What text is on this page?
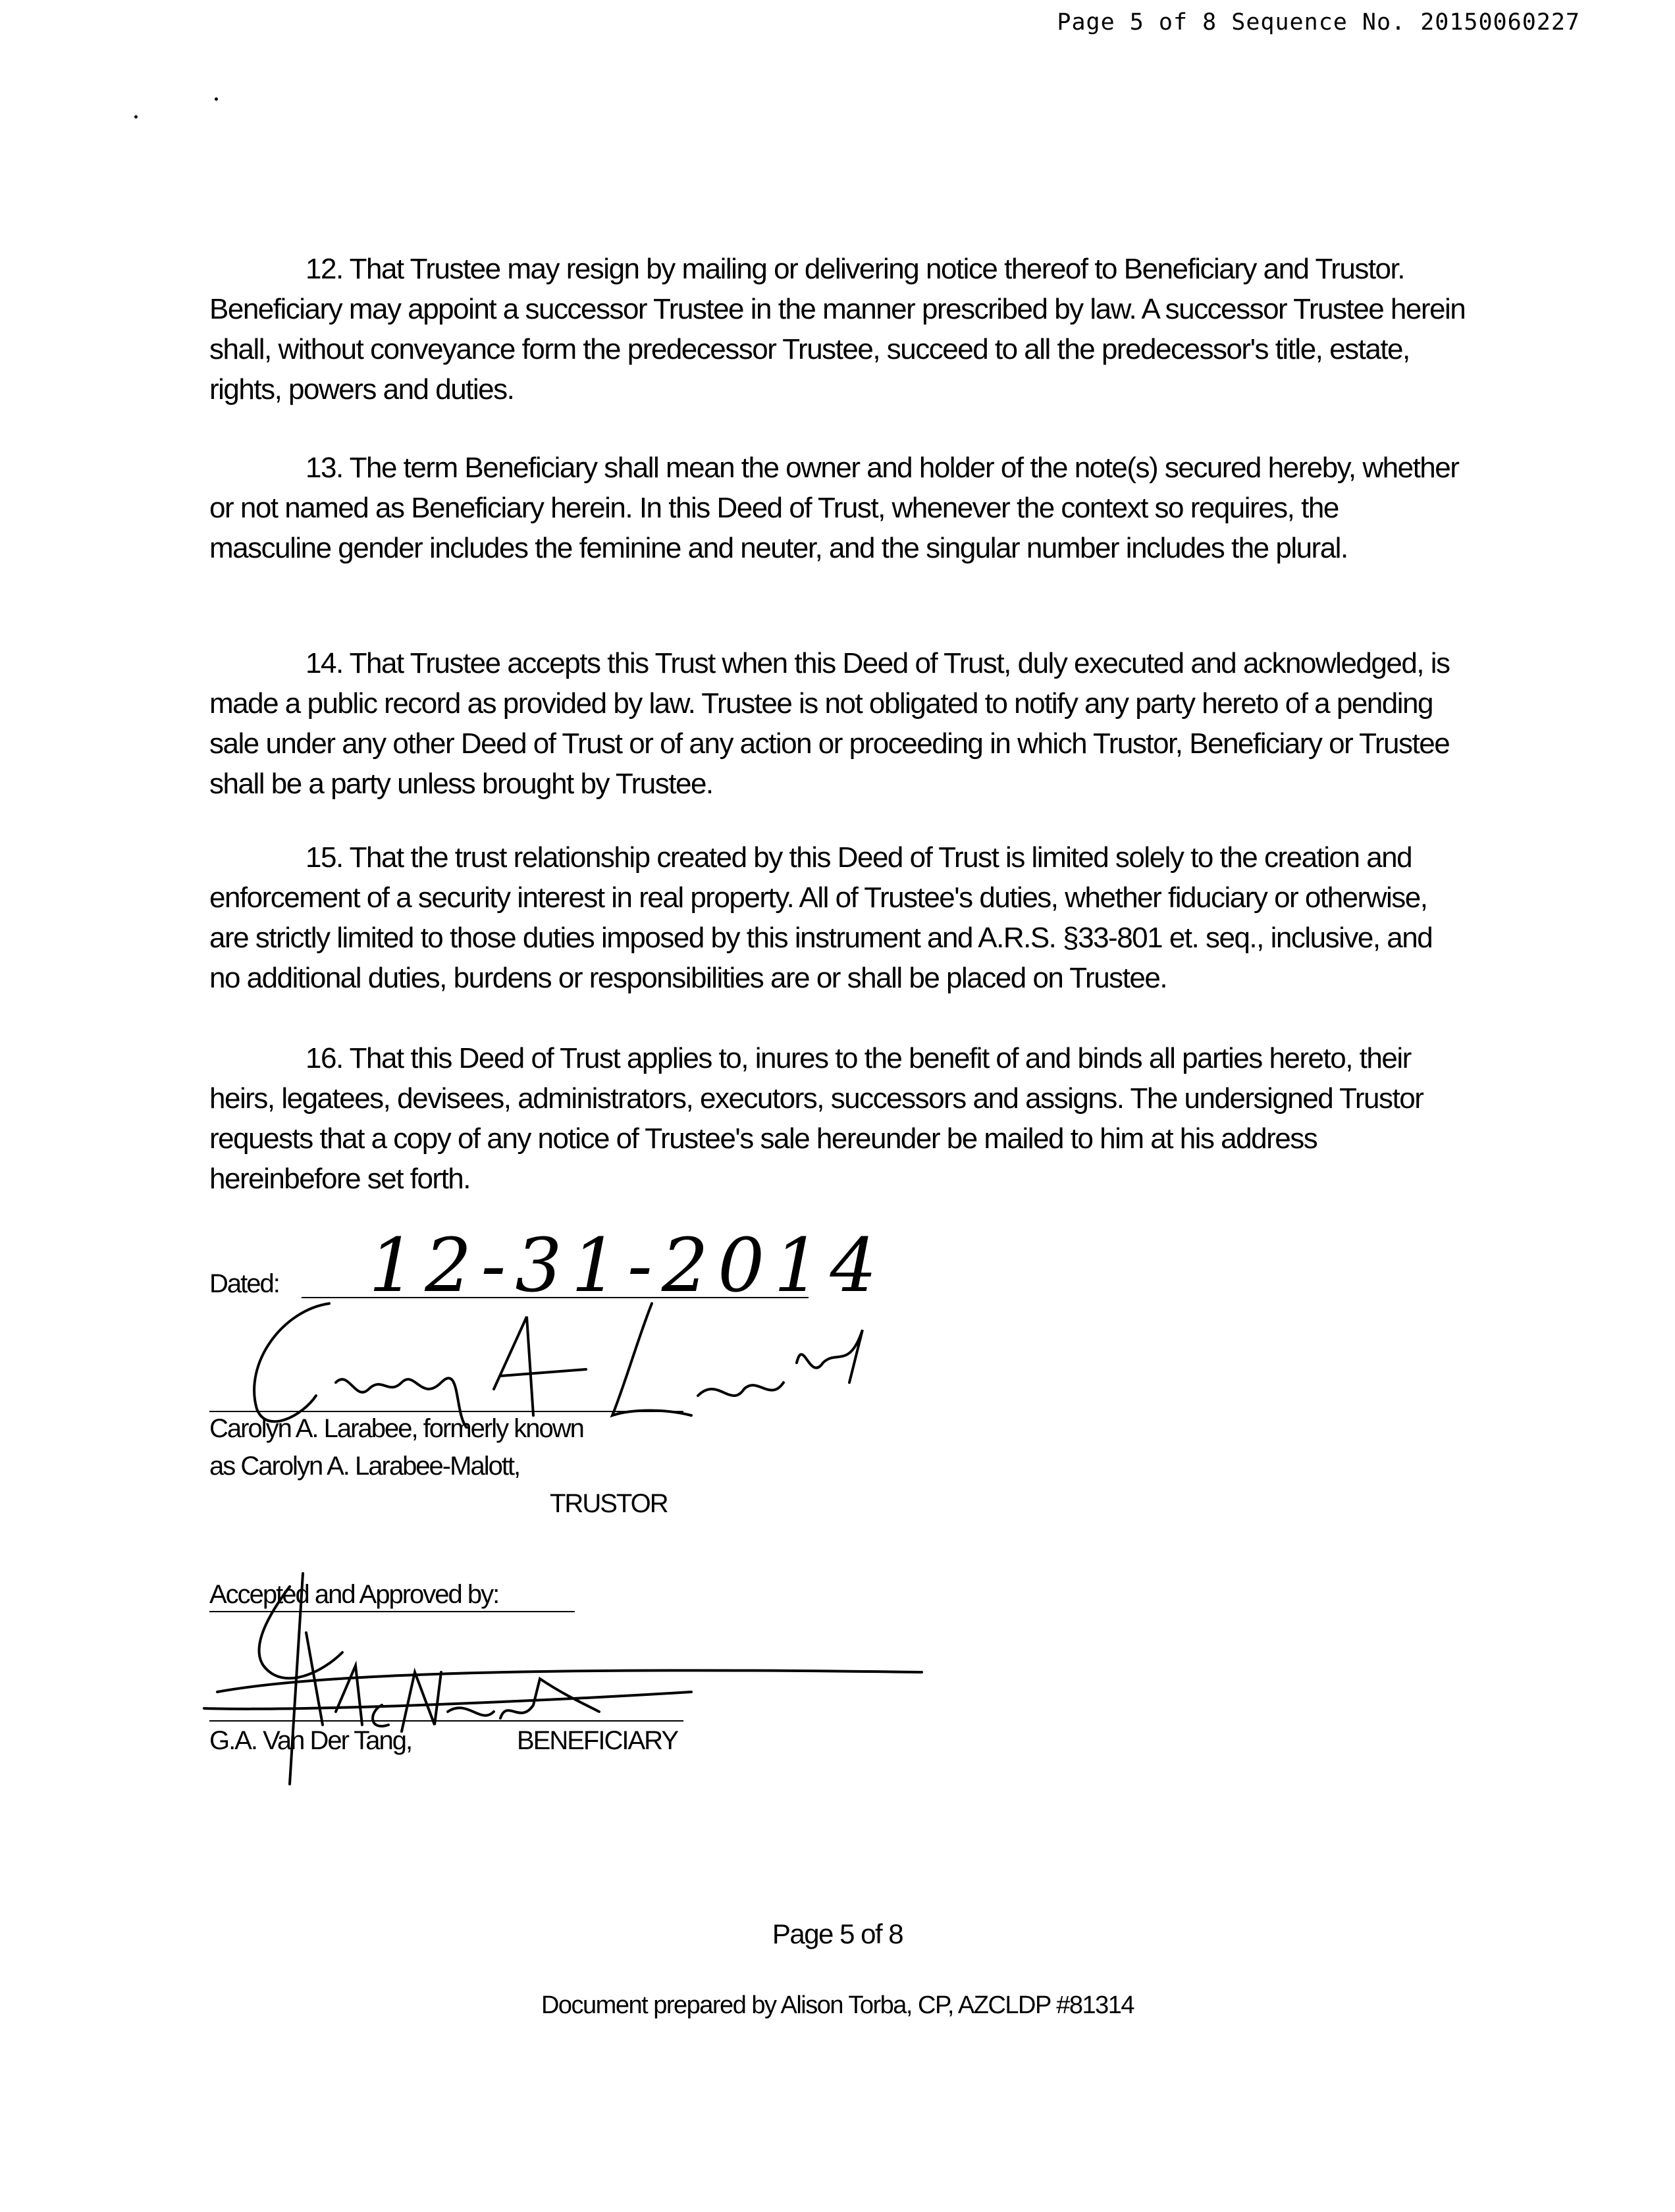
Page 5 of 8 Sequence No. 20150060227
12. That Trustee may resign by mailing or delivering notice thereof to Beneficiary and Trustor. Beneficiary may appoint a successor Trustee in the manner prescribed by law. A successor Trustee herein shall, without conveyance form the predecessor Trustee, succeed to all the predecessor's title, estate, rights, powers and duties.
13. The term Beneficiary shall mean the owner and holder of the note(s) secured hereby, whether or not named as Beneficiary herein. In this Deed of Trust, whenever the context so requires, the masculine gender includes the feminine and neuter, and the singular number includes the plural.
14. That Trustee accepts this Trust when this Deed of Trust, duly executed and acknowledged, is made a public record as provided by law. Trustee is not obligated to notify any party hereto of a pending sale under any other Deed of Trust or of any action or proceeding in which Trustor, Beneficiary or Trustee shall be a party unless brought by Trustee.
15. That the trust relationship created by this Deed of Trust is limited solely to the creation and enforcement of a security interest in real property. All of Trustee's duties, whether fiduciary or otherwise, are strictly limited to those duties imposed by this instrument and A.R.S. §33-801 et. seq., inclusive, and no additional duties, burdens or responsibilities are or shall be placed on Trustee.
16. That this Deed of Trust applies to, inures to the benefit of and binds all parties hereto, their heirs, legatees, devisees, administrators, executors, successors and assigns. The undersigned Trustor requests that a copy of any notice of Trustee's sale hereunder be mailed to him at his address hereinbefore set forth.
Dated: 12-31-2014
Carolyn A. Larabee, formerly known
as Carolyn A. Larabee-Malott,
TRUSTOR
Accepted and Approved by:
G.A. Van Der Tang,	BENEFICIARY
Page 5 of 8
Document prepared by Alison Torba, CP, AZCLDP #81314
